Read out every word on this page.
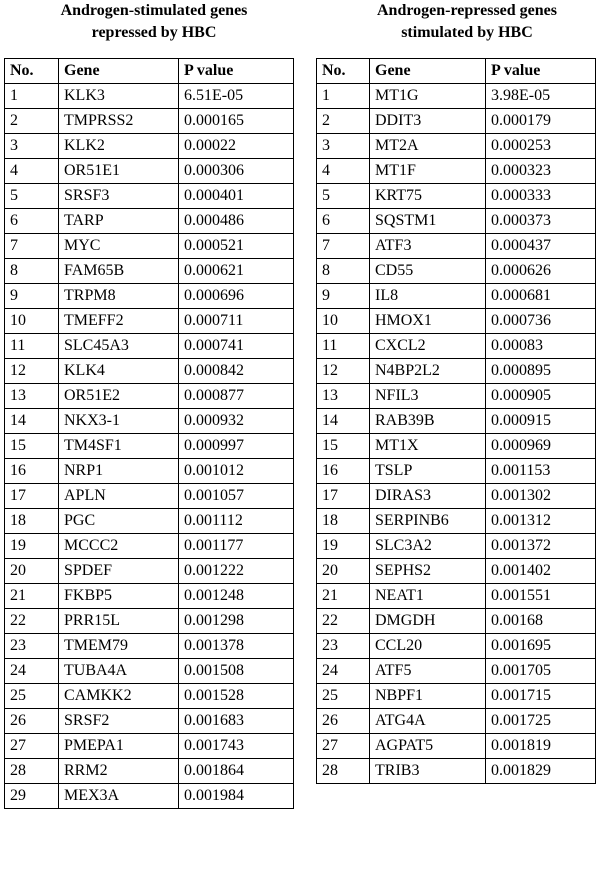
Androgen-stimulated genes
repressed by HBC
No.	Gene	P value
1	KLK3	6.51E-05
2	TMPRSS2	0.000165
3	KLK2	0.00022
4	OR51E1	0.000306
5	SRSF3	0.000401
6	TARP	0.000486
7	MYC	0.000521
8	FAM65B	0.000621
9	TRPM8	0.000696
10	TMEFF2	0.000711
11	SLC45A3	0.000741
12	KLK4	0.000842
13	OR51E2	0.000877
14	NKX3-1	0.000932
15	TM4SF1	0.000997
16	NRP1	0.001012
17	APLN	0.001057
18	PGC	0.001112
19	MCCC2	0.001177
20	SPDEF	0.001222
21	FKBP5	0.001248
22	PRR15L	0.001298
23	TMEM79	0.001378
24	TUBA4A	0.001508
25	CAMKK2	0.001528
26	SRSF2	0.001683
27	PMEPA1	0.001743
28	RRM2	0.001864
29	MEX3A	0.001984
Androgen-repressed genes
stimulated by HBC
No.	Gene	P value
1	MT1G	3.98E-05
2	DDIT3	0.000179
3	MT2A	0.000253
4	MT1F	0.000323
5	KRT75	0.000333
6	SQSTM1	0.000373
7	ATF3	0.000437
8	CD55	0.000626
9	IL8	0.000681
10	HMOX1	0.000736
11	CXCL2	0.00083
12	N4BP2L2	0.000895
13	NFIL3	0.000905
14	RAB39B	0.000915
15	MT1X	0.000969
16	TSLP	0.001153
17	DIRAS3	0.001302
18	SERPINB6	0.001312
19	SLC3A2	0.001372
20	SEPHS2	0.001402
21	NEAT1	0.001551
22	DMGDH	0.00168
23	CCL20	0.001695
24	ATF5	0.001705
25	NBPF1	0.001715
26	ATG4A	0.001725
27	AGPAT5	0.001819
28	TRIB3	0.001829
